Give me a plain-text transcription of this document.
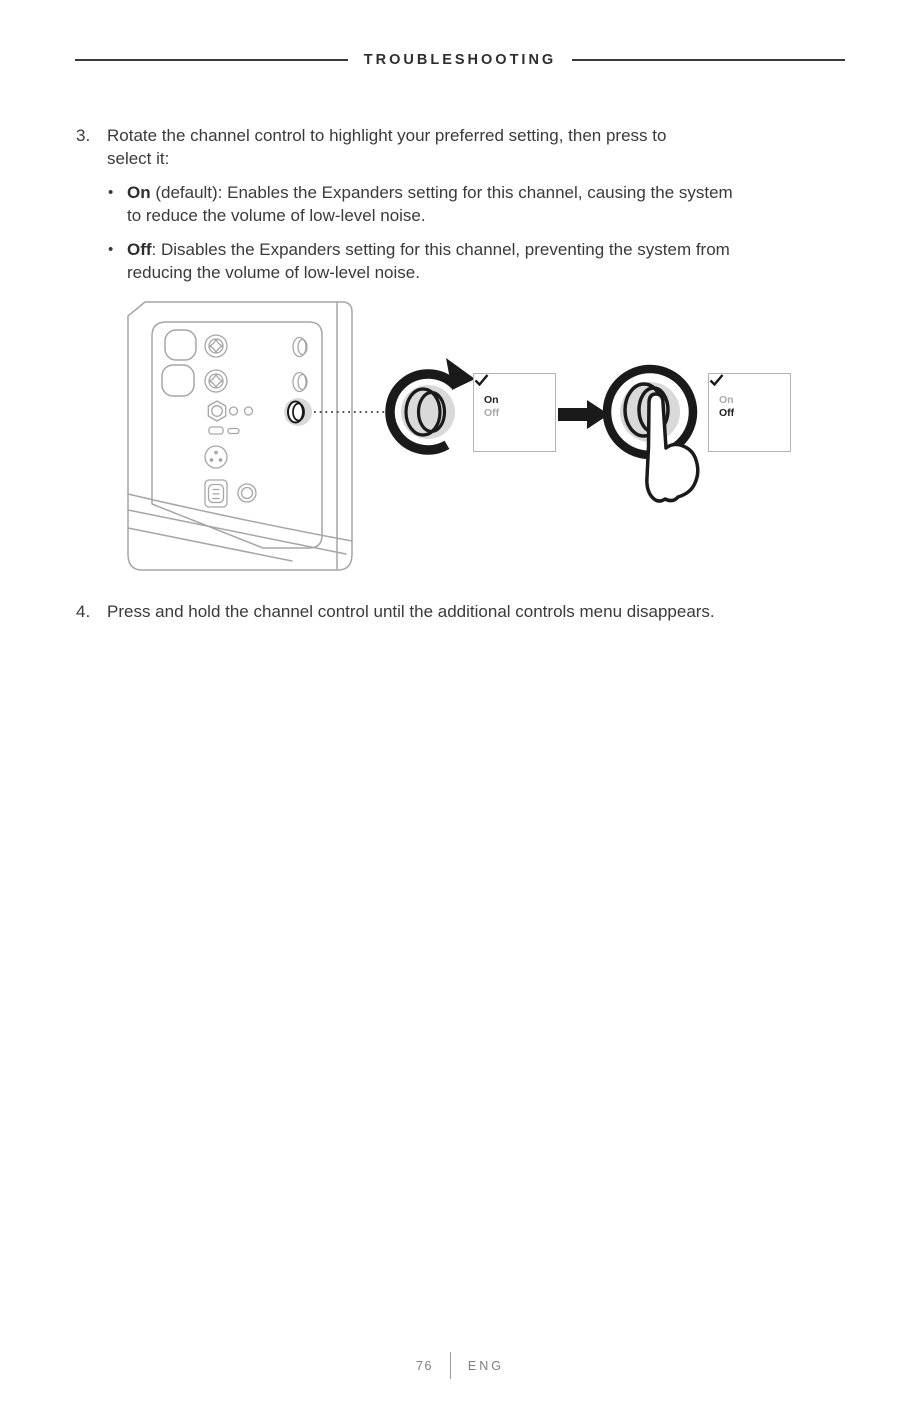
TROUBLESHOOTING
3. Rotate the channel control to highlight your preferred setting, then press to
select it:
• On (default): Enables the Expanders setting for this channel, causing the system
to reduce the volume of low-level noise.
• Off: Disables the Expanders setting for this channel, preventing the system from
reducing the volume of low-level noise.
On
Off
On
Off
4. Press and hold the channel control until the additional controls menu disappears.
76	ENG
